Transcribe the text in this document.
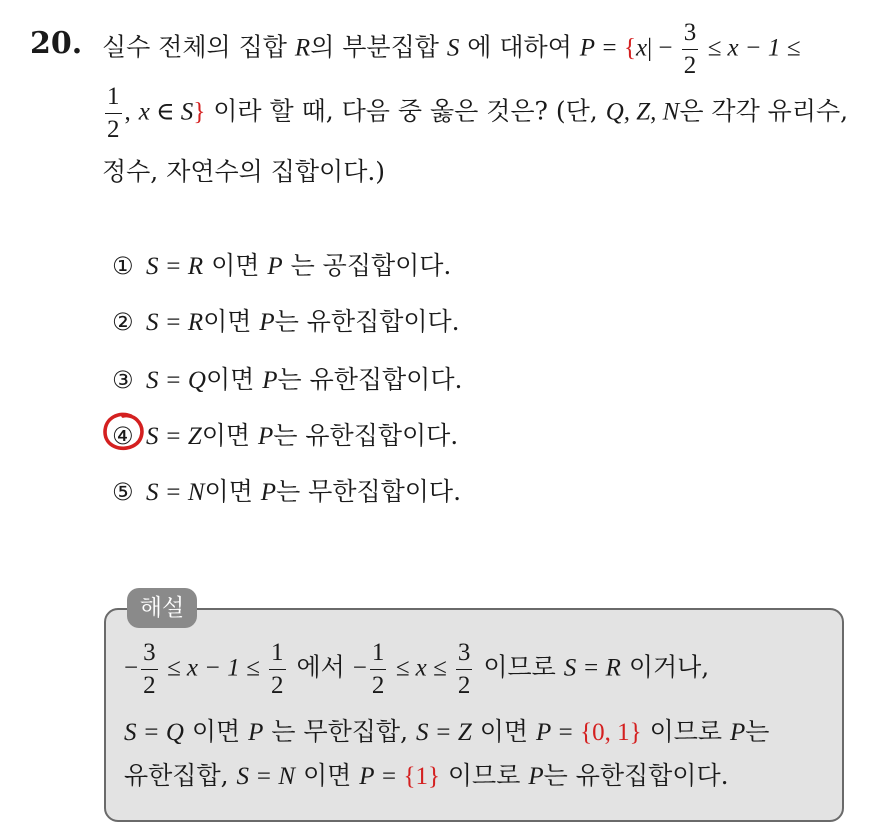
20. 실수 전체의 집합 R의 부분집합 S 에 대하여 $P = \{x| - \frac{3}{2} \le x - 1$ ≤
$\frac{1}{2}$ , x ∈ S} 이라 할 때, 다음 중 옳은 것은? (단, Q, Z, N은 각각 유리수,
정수, 자연수의 집합이다.)
① S = R 이면 P 는 공집합이다.
② S = R이면 P는 유한집합이다.
③ S = Q이면 P는 유한집합이다.
④ S = Z이면 P는 유한집합이다.
⑤ S = N이면 P는 무한집합이다.
해설
− $\frac{3}{2} \le x - 1 \le \frac{1}{2}$ 에서 − $\frac{1}{2} \le x \le \frac{3}{2}$ 이므로 S = R 이거나,
S = Q 이면 P 는 무한집합, S = Z 이면 P = {0, 1} 이므로 P는
유한집합, S = N 이면 P = {1} 이므로 P는 유한집합이다.
